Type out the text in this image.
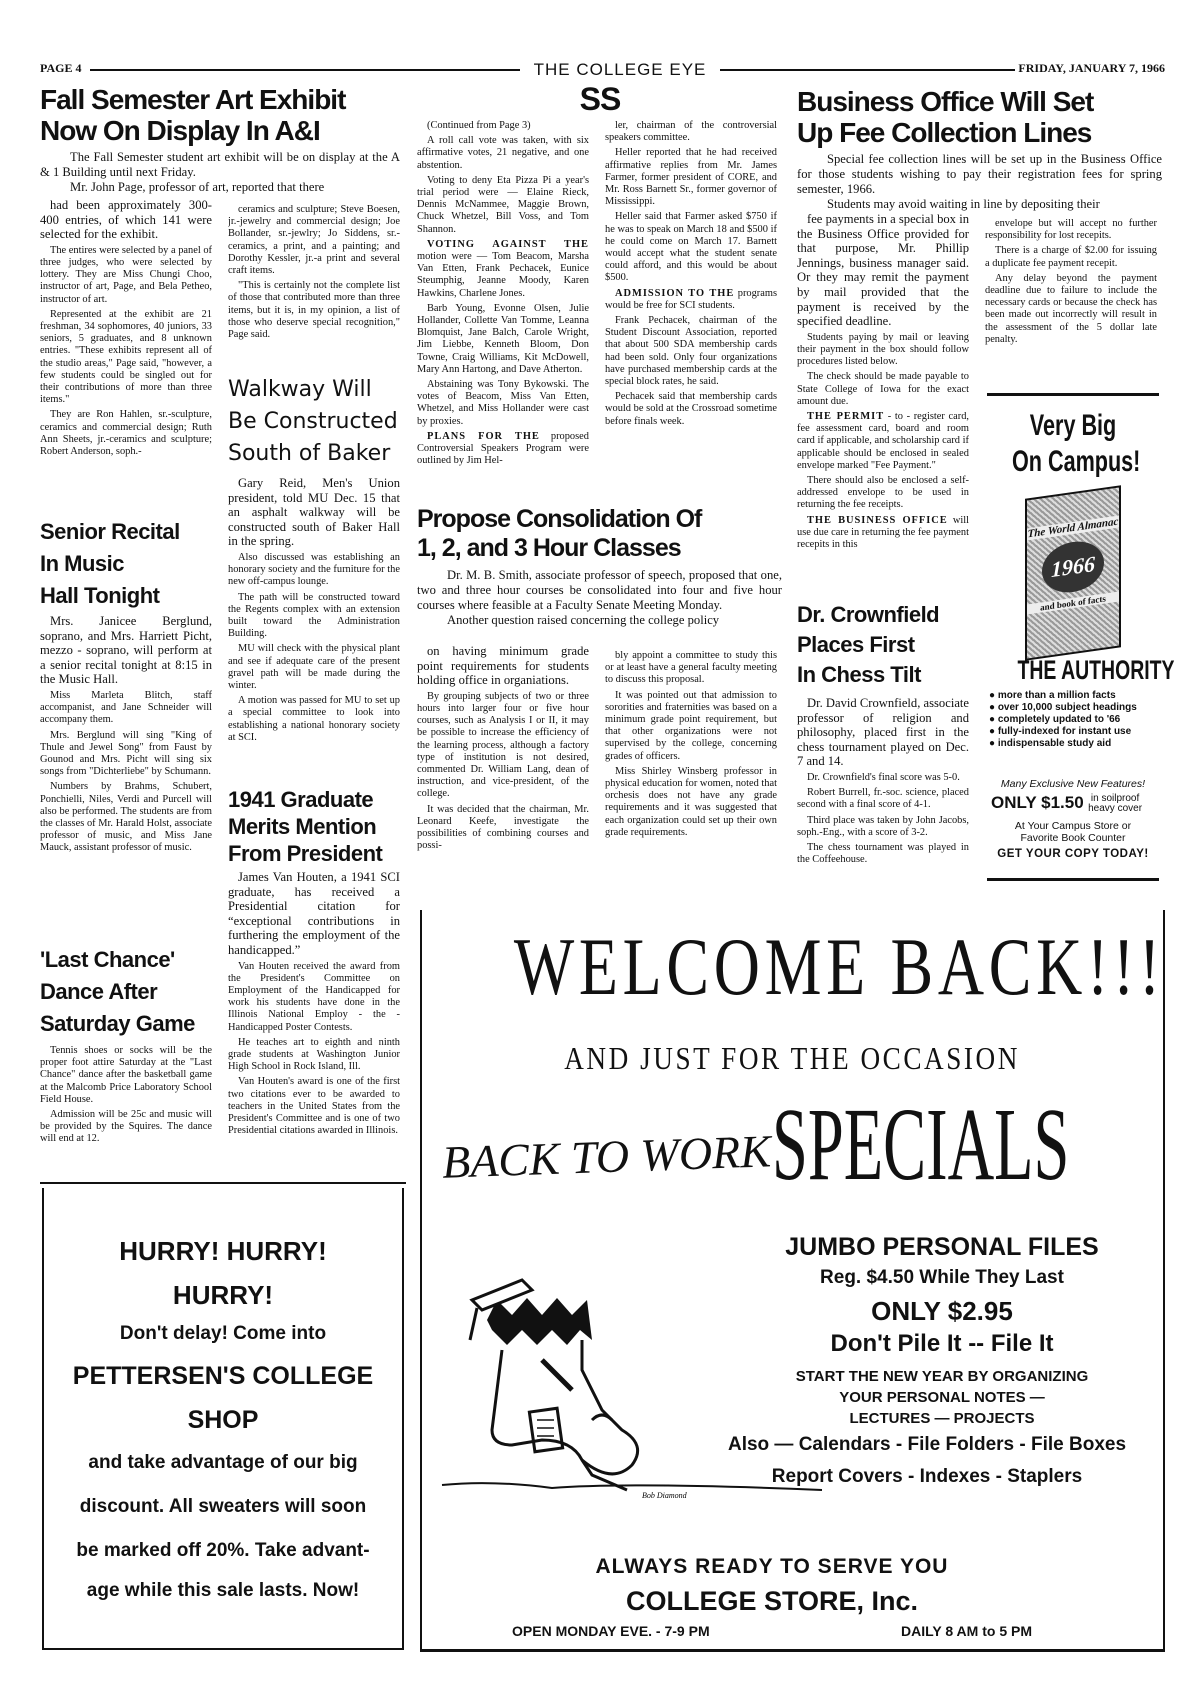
PAGE 4	THE COLLEGE EYE	FRIDAY, JANUARY 7, 1966
Fall Semester Art Exhibit
Now On Display In A&I

The Fall Semester student art exhibit will be on display at the A & 1 Building until next Friday.

Mr. John Page, professor of art, reported that there

had been approximately 300-400 entries, of which 141 were selected for the exhibit.

The entires were selected by a panel of three judges, who were selected by lottery. They are Miss Chungi Choo, instructor of art, Page, and Bela Petheo, instructor of art.

Represented at the exhibit are 21 freshman, 34 sophomores, 40 juniors, 33 seniors, 5 graduates, and 8 unknown entries. "These exhibits represent all of the studio areas," Page said, "however, a few students could be singled out for their contributions of more than three items."

They are Ron Hahlen, sr.-sculpture, ceramics and commercial design; Ruth Ann Sheets, jr.-ceramics and sculpture; Robert Anderson, soph.-

ceramics and sculpture; Steve Boesen, jr.-jewelry and commercial design; Joe Bollander, sr.-jewlry; Jo Siddens, sr.-ceramics, a print, and a painting; and Dorothy Kessler, jr.-a print and several craft items.

"This is certainly not the complete list of those that contributed more than three items, but it is, in my opinion, a list of those who deserve special recognition," Page said.

Walkway Will
Be Constructed
South of Baker

Gary Reid, Men's Union president, told MU Dec. 15 that an asphalt walkway will be constructed south of Baker Hall in the spring.

Also discussed was establishing an honorary society and the furniture for the new off-campus lounge.

The path will be constructed toward the Regents complex with an extension built toward the Administration Building.

MU will check with the physical plant and see if adequate care of the present gravel path will be made during the winter.

A motion was passed for MU to set up a special committee to look into establishing a national honorary society at SCI.

Senior Recital
In Music
Hall Tonight

Mrs. Janicee Berglund, soprano, and Mrs. Harriett Picht, mezzo - soprano, will perform at a senior recital tonight at 8:15 in the Music Hall.

Miss Marleta Blitch, staff accompanist, and Jane Schneider will accompany them.

Mrs. Berglund will sing "King of Thule and Jewel Song" from Faust by Gounod and Mrs. Picht will sing six songs from "Dichterliebe" by Schumann.

Numbers by Brahms, Schubert, Ponchielli, Niles, Verdi and Purcell will also be performed. The students are from the classes of Mr. Harald Holst, associate professor of music, and Miss Jane Mauck, assistant professor of music.

'Last Chance'
Dance After
Saturday Game

Tennis shoes or socks will be the proper foot attire Saturday at the "Last Chance" dance after the basketball game at the Malcomb Price Laboratory School Field House.

Admission will be 25c and music will be provided by the Squires. The dance will end at 12.

1941 Graduate
Merits Mention
From President

James Van Houten, a 1941 SCI graduate, has received a Presidential citation for “exceptional contributions in furthering the employment of the handicapped.”

Van Houten received the award from the President's Committee on Employment of the Handicapped for work his students have done in the Illinois National Employ - the - Handicapped Poster Contests.

He teaches art to eighth and ninth grade students at Washington Junior High School in Rock Island, Ill.

Van Houten's award is one of the first two citations ever to be awarded to teachers in the United States from the President's Committee and is one of two Presidential citations awarded in Illinois.

SS

(Continued from Page 3)

A roll call vote was taken, with six affirmative votes, 21 negative, and one abstention.

Voting to deny Eta Pizza Pi a year's trial period were — Elaine Rieck, Dennis McNammee, Maggie Brown, Chuck Whetzel, Bill Voss, and Tom Shannon.

VOTING AGAINST THE motion were — Tom Beacom, Marsha Van Etten, Frank Pechacek, Eunice Steumphig, Jeanne Moody, Karen Hawkins, Charlene Jones.

Barb Young, Evonne Olsen, Julie Hollander, Collette Van Tomme, Leanna Blomquist, Jane Balch, Carole Wright, Jim Liebbe, Kenneth Bloom, Don Towne, Craig Williams, Kit McDowell, Mary Ann Hartong, and Dave Atherton.

Abstaining was Tony Bykowski. The votes of Beacom, Miss Van Etten, Whetzel, and Miss Hollander were cast by proxies.

PLANS FOR THE proposed Controversial Speakers Program were outlined by Jim Hel-

ler, chairman of the controversial speakers committee.

Heller reported that he had received affirmative replies from Mr. James Farmer, former president of CORE, and Mr. Ross Barnett Sr., former governor of Mississippi.

Heller said that Farmer asked $750 if he was to speak on March 18 and $500 if he could come on March 17. Barnett would accept what the student senate could afford, and this would be about $500.

ADMISSION TO THE programs would be free for SCI students.

Frank Pechacek, chairman of the Student Discount Association, reported that about 500 SDA membership cards had been sold. Only four organizations have purchased membership cards at the special block rates, he said.

Pechacek said that membership cards would be sold at the Crossroad sometime before finals week.

Propose Consolidation Of
1, 2, and 3 Hour Classes

Dr. M. B. Smith, associate professor of speech, proposed that one, two and three hour courses be consolidated into four and five hour courses where feasible at a Faculty Senate Meeting Monday.

Another question raised concerning the college policy

on having minimum grade point requirements for students holding office in organiations.

By grouping subjects of two or three hours into larger four or five hour courses, such as Analysis I or II, it may be possible to increase the efficiency of the learning process, although a factory type of institution is not desired, commented Dr. William Lang, dean of instruction, and vice-president, of the college.

It was decided that the chairman, Mr. Leonard Keefe, investigate the possibilities of combining courses and possi-

bly appoint a committee to study this or at least have a general faculty meeting to discuss this proposal.

It was pointed out that admission to sororities and fraternities was based on a minimum grade point requirement, but that other organizations were not supervised by the college, concerning grades of officers.

Miss Shirley Winsberg professor in physical education for women, noted that orchesis does not have any grade requirements and it was suggested that each organization could set up their own grade requirements.

Business Office Will Set
Up Fee Collection Lines

Special fee collection lines will be set up in the Business Office for those students wishing to pay their registration fees for spring semester, 1966.

Students may avoid waiting in line by depositing their

fee payments in a special box in the Business Office provided for that purpose, Mr. Phillip Jennings, business manager said. Or they may remit the payment by mail provided that the payment is received by the specified deadline.

Students paying by mail or leaving their payment in the box should follow procedures listed below.

The check should be made payable to State College of Iowa for the exact amount due.

THE PERMIT - to - register card, fee assessment card, board and room card if applicable, and scholarship card if applicable should be enclosed in sealed envelope marked "Fee Payment."

There should also be enclosed a self-addressed envelope to be used in returning the fee receipts.

THE BUSINESS OFFICE will use due care in returning the fee payment recepits in this

envelope but will accept no further responsibility for lost recepits.

There is a charge of $2.00 for issuing a duplicate fee payment recepit.

Any delay beyond the payment deadline due to failure to include the necessary cards or because the check has been made out incorrectly will result in the assessment of the 5 dollar late penalty.

Dr. Crownfield
Places First
In Chess Tilt

Dr. David Crownfield, associate professor of religion and philosophy, placed first in the chess tournament played on Dec. 7 and 14.

Dr. Crownfield's final score was 5-0.

Robert Burrell, fr.-soc. science, placed second with a final score of 4-1.

Third place was taken by John Jacobs, soph.-Eng., with a score of 3-2.

The chess tournament was played in the Coffeehouse.

Very Big
On Campus!
The World Almanac
1966
and book of facts
THE AUTHORITY
● more than a million facts
● over 10,000 subject headings
● completely updated to '66
● fully-indexed for instant use
● indispensable study aid
Many Exclusive New Features!
ONLY $1.50 in soilproof
heavy cover
At Your Campus Store or
Favorite Book Counter
GET YOUR COPY TODAY!
HURRY! HURRY!
HURRY!
Don't delay! Come into
PETTERSEN'S COLLEGE
SHOP
and take advantage of our big
discount. All sweaters will soon
be marked off 20%. Take advant-
age while this sale lasts. Now!
WELCOME BACK!!!
AND JUST FOR THE OCCASION
BACK TO WORK SPECIALS
JUMBO PERSONAL FILES
Reg. $4.50 While They Last
ONLY $2.95
Don't Pile It -- File It
START THE NEW YEAR BY ORGANIZING
YOUR PERSONAL NOTES —
LECTURES — PROJECTS
Also — Calendars - File Folders - File Boxes
Report Covers - Indexes - Staplers
Bob Diamond
ALWAYS READY TO SERVE YOU
COLLEGE STORE, Inc.
OPEN MONDAY EVE. - 7-9 PM	DAILY 8 AM to 5 PM
